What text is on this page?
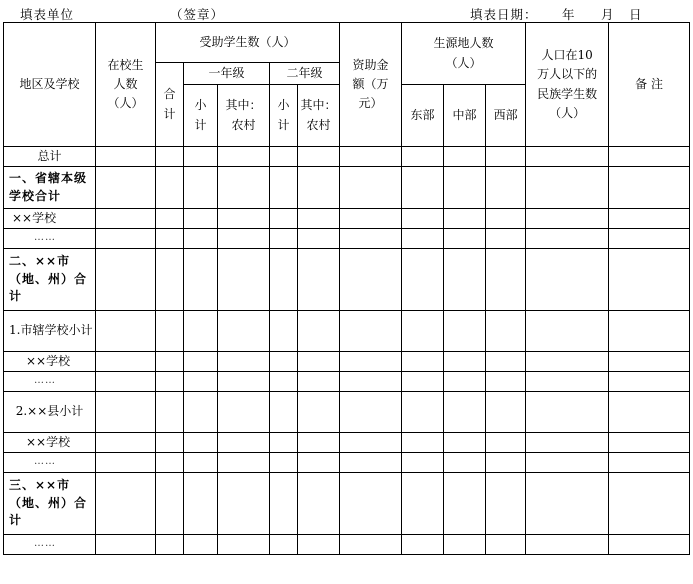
填表单位	（签章）	填表日期： 年 月 日
地区及学校	在校生人数（人）	受助学生数（人）					资助金额（万元）	生源地人数（人）			人口在10万人以下的民族学生数（人）	备 注
		合计	一年级		二年级							
			小计	其中：农村	小计	其中：农村		东部	中部	西部		

总计												
一、省辖本级学校合计												
××学校												
……												
二、××市（地、州）合计												
1.市辖学校小计												
××学校												
……												
2.××县小计												
××学校												
……												
三、××市（地、州）合计												
……												
